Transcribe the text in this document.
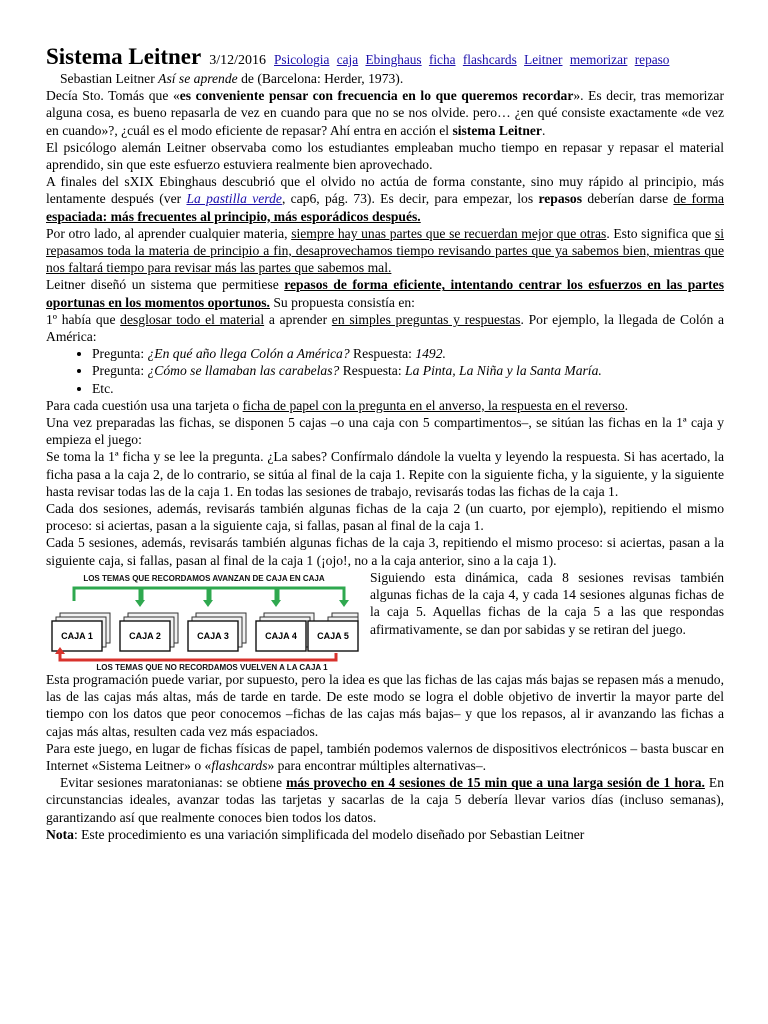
Sistema Leitner 3/12/2016 Psicologia caja Ebinghaus ficha flashcards Leitner memorizar repaso

Sebastian Leitner Así se aprende de (Barcelona: Herder, 1973).

Decía Sto. Tomás que «es conveniente pensar con frecuencia en lo que queremos recordar». Es decir, tras memorizar alguna cosa, es bueno repasarla de vez en cuando para que no se nos olvide. pero… ¿en qué consiste exactamente «de vez en cuando»?, ¿cuál es el modo eficiente de repasar? Ahí entra en acción el sistema Leitner.

El psicólogo alemán Leitner observaba como los estudiantes empleaban mucho tiempo en repasar y repasar el material aprendido, sin que este esfuerzo estuviera realmente bien aprovechado.

A finales del sXIX Ebinghaus descubrió que el olvido no actúa de forma constante, sino muy rápido al principio, más lentamente después (ver La pastilla verde, cap6, pág. 73). Es decir, para empezar, los repasos deberían darse de forma espaciada: más frecuentes al principio, más esporádicos después.

Por otro lado, al aprender cualquier materia, siempre hay unas partes que se recuerdan mejor que otras. Esto significa que si repasamos toda la materia de principio a fin, desaprovechamos tiempo revisando partes que ya sabemos bien, mientras que nos faltará tiempo para revisar más las partes que sabemos mal.

Leitner diseñó un sistema que permitiese repasos de forma eficiente, intentando centrar los esfuerzos en las partes oportunas en los momentos oportunos. Su propuesta consistía en:

1º había que desglosar todo el material a aprender en simples preguntas y respuestas. Por ejemplo, la llegada de Colón a América:

• Pregunta: ¿En qué año llega Colón a América? Respuesta: 1492.
• Pregunta: ¿Cómo se llamaban las carabelas? Respuesta: La Pinta, La Niña y la Santa María.
• Etc.

Para cada cuestión usa una tarjeta o ficha de papel con la pregunta en el anverso, la respuesta en el reverso.

Una vez preparadas las fichas, se disponen 5 cajas –o una caja con 5 compartimentos–, se sitúan las fichas en la 1ª caja y empieza el juego:

Se toma la 1ª ficha y se lee la pregunta. ¿La sabes? Confírmalo dándole la vuelta y leyendo la respuesta. Si has acertado, la ficha pasa a la caja 2, de lo contrario, se sitúa al final de la caja 1. Repite con la siguiente ficha, y la siguiente, y la siguiente hasta revisar todas las de la caja 1. En todas las sesiones de trabajo, revisarás todas las fichas de la caja 1.

Cada dos sesiones, además, revisarás también algunas fichas de la caja 2 (un cuarto, por ejemplo), repitiendo el mismo proceso: si aciertas, pasan a la siguiente caja, si fallas, pasan al final de la caja 1.

Cada 5 sesiones, además, revisarás también algunas fichas de la caja 3, repitiendo el mismo proceso: si aciertas, pasan a la siguiente caja, si fallas, pasan al final de la caja 1 (¡ojo!, no a la caja anterior, sino a la caja 1).

LOS TEMAS QUE RECORDAMOS AVANZAN DE CAJA EN CAJA
CAJA 1	CAJA 2	CAJA 3	CAJA 4 CAJA 5
LOS TEMAS QUE NO RECORDAMOS VUELVEN A LA CAJA 1

Siguiendo esta dinámica, cada 8 sesiones revisas también algunas fichas de la caja 4, y cada 14 sesiones algunas fichas de la caja 5. Aquellas fichas de la caja 5 a las que respondas afirmativamente, se dan por sabidas y se retiran del juego.

Esta programación puede variar, por supuesto, pero la idea es que las fichas de las cajas más bajas se repasen más a menudo, las de las cajas más altas, más de tarde en tarde. De este modo se logra el doble objetivo de invertir la mayor parte del tiempo con los datos que peor conocemos –fichas de las cajas más bajas– y que los repasos, al ir avanzando las fichas a cajas más altas, resulten cada vez más espaciados.

Para este juego, en lugar de fichas físicas de papel, también podemos valernos de dispositivos electrónicos – basta buscar en Internet «Sistema Leitner» o «flashcards» para encontrar múltiples alternativas–.

Evitar sesiones maratonianas: se obtiene más provecho en 4 sesiones de 15 min que a una larga sesión de 1 hora. En circunstancias ideales, avanzar todas las tarjetas y sacarlas de la caja 5 debería llevar varios días (incluso semanas), garantizando así que realmente conoces bien todos los datos.

Nota: Este procedimiento es una variación simplificada del modelo diseñado por Sebastian Leitner
